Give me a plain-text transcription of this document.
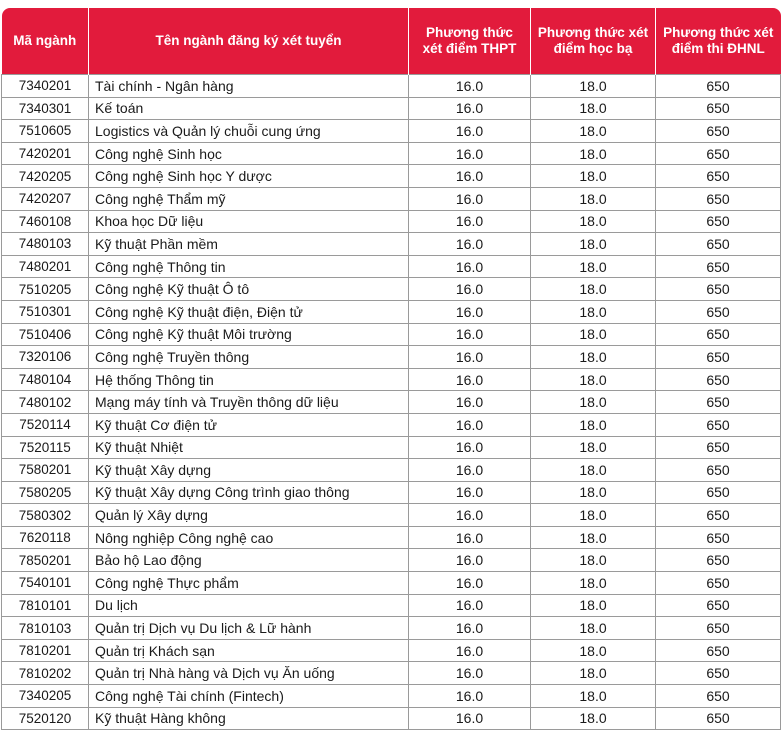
Mã ngành	Tên ngành đăng ký xét tuyển	Phương thức xét điểm THPT	Phương thức xét điểm học bạ	Phương thức xét điểm thi ĐHNL
7340201	Tài chính - Ngân hàng	16.0	18.0	650
7340301	Kế toán	16.0	18.0	650
7510605	Logistics và Quản lý chuỗi cung ứng	16.0	18.0	650
7420201	Công nghệ Sinh học	16.0	18.0	650
7420205	Công nghệ Sinh học Y dược	16.0	18.0	650
7420207	Công nghệ Thẩm mỹ	16.0	18.0	650
7460108	Khoa học Dữ liệu	16.0	18.0	650
7480103	Kỹ thuật Phần mềm	16.0	18.0	650
7480201	Công nghệ Thông tin	16.0	18.0	650
7510205	Công nghệ Kỹ thuật Ô tô	16.0	18.0	650
7510301	Công nghệ Kỹ thuật điện, Điện tử	16.0	18.0	650
7510406	Công nghệ Kỹ thuật Môi trường	16.0	18.0	650
7320106	Công nghệ Truyền thông	16.0	18.0	650
7480104	Hệ thống Thông tin	16.0	18.0	650
7480102	Mạng máy tính và Truyền thông dữ liệu	16.0	18.0	650
7520114	Kỹ thuật Cơ điện tử	16.0	18.0	650
7520115	Kỹ thuật Nhiệt	16.0	18.0	650
7580201	Kỹ thuật Xây dựng	16.0	18.0	650
7580205	Kỹ thuật Xây dựng Công trình giao thông	16.0	18.0	650
7580302	Quản lý Xây dựng	16.0	18.0	650
7620118	Nông nghiệp Công nghệ cao	16.0	18.0	650
7850201	Bảo hộ Lao động	16.0	18.0	650
7540101	Công nghệ Thực phẩm	16.0	18.0	650
7810101	Du lịch	16.0	18.0	650
7810103	Quản trị Dịch vụ Du lịch & Lữ hành	16.0	18.0	650
7810201	Quản trị Khách sạn	16.0	18.0	650
7810202	Quản trị Nhà hàng và Dịch vụ Ăn uống	16.0	18.0	650
7340205	Công nghệ Tài chính (Fintech)	16.0	18.0	650
7520120	Kỹ thuật Hàng không	16.0	18.0	650
